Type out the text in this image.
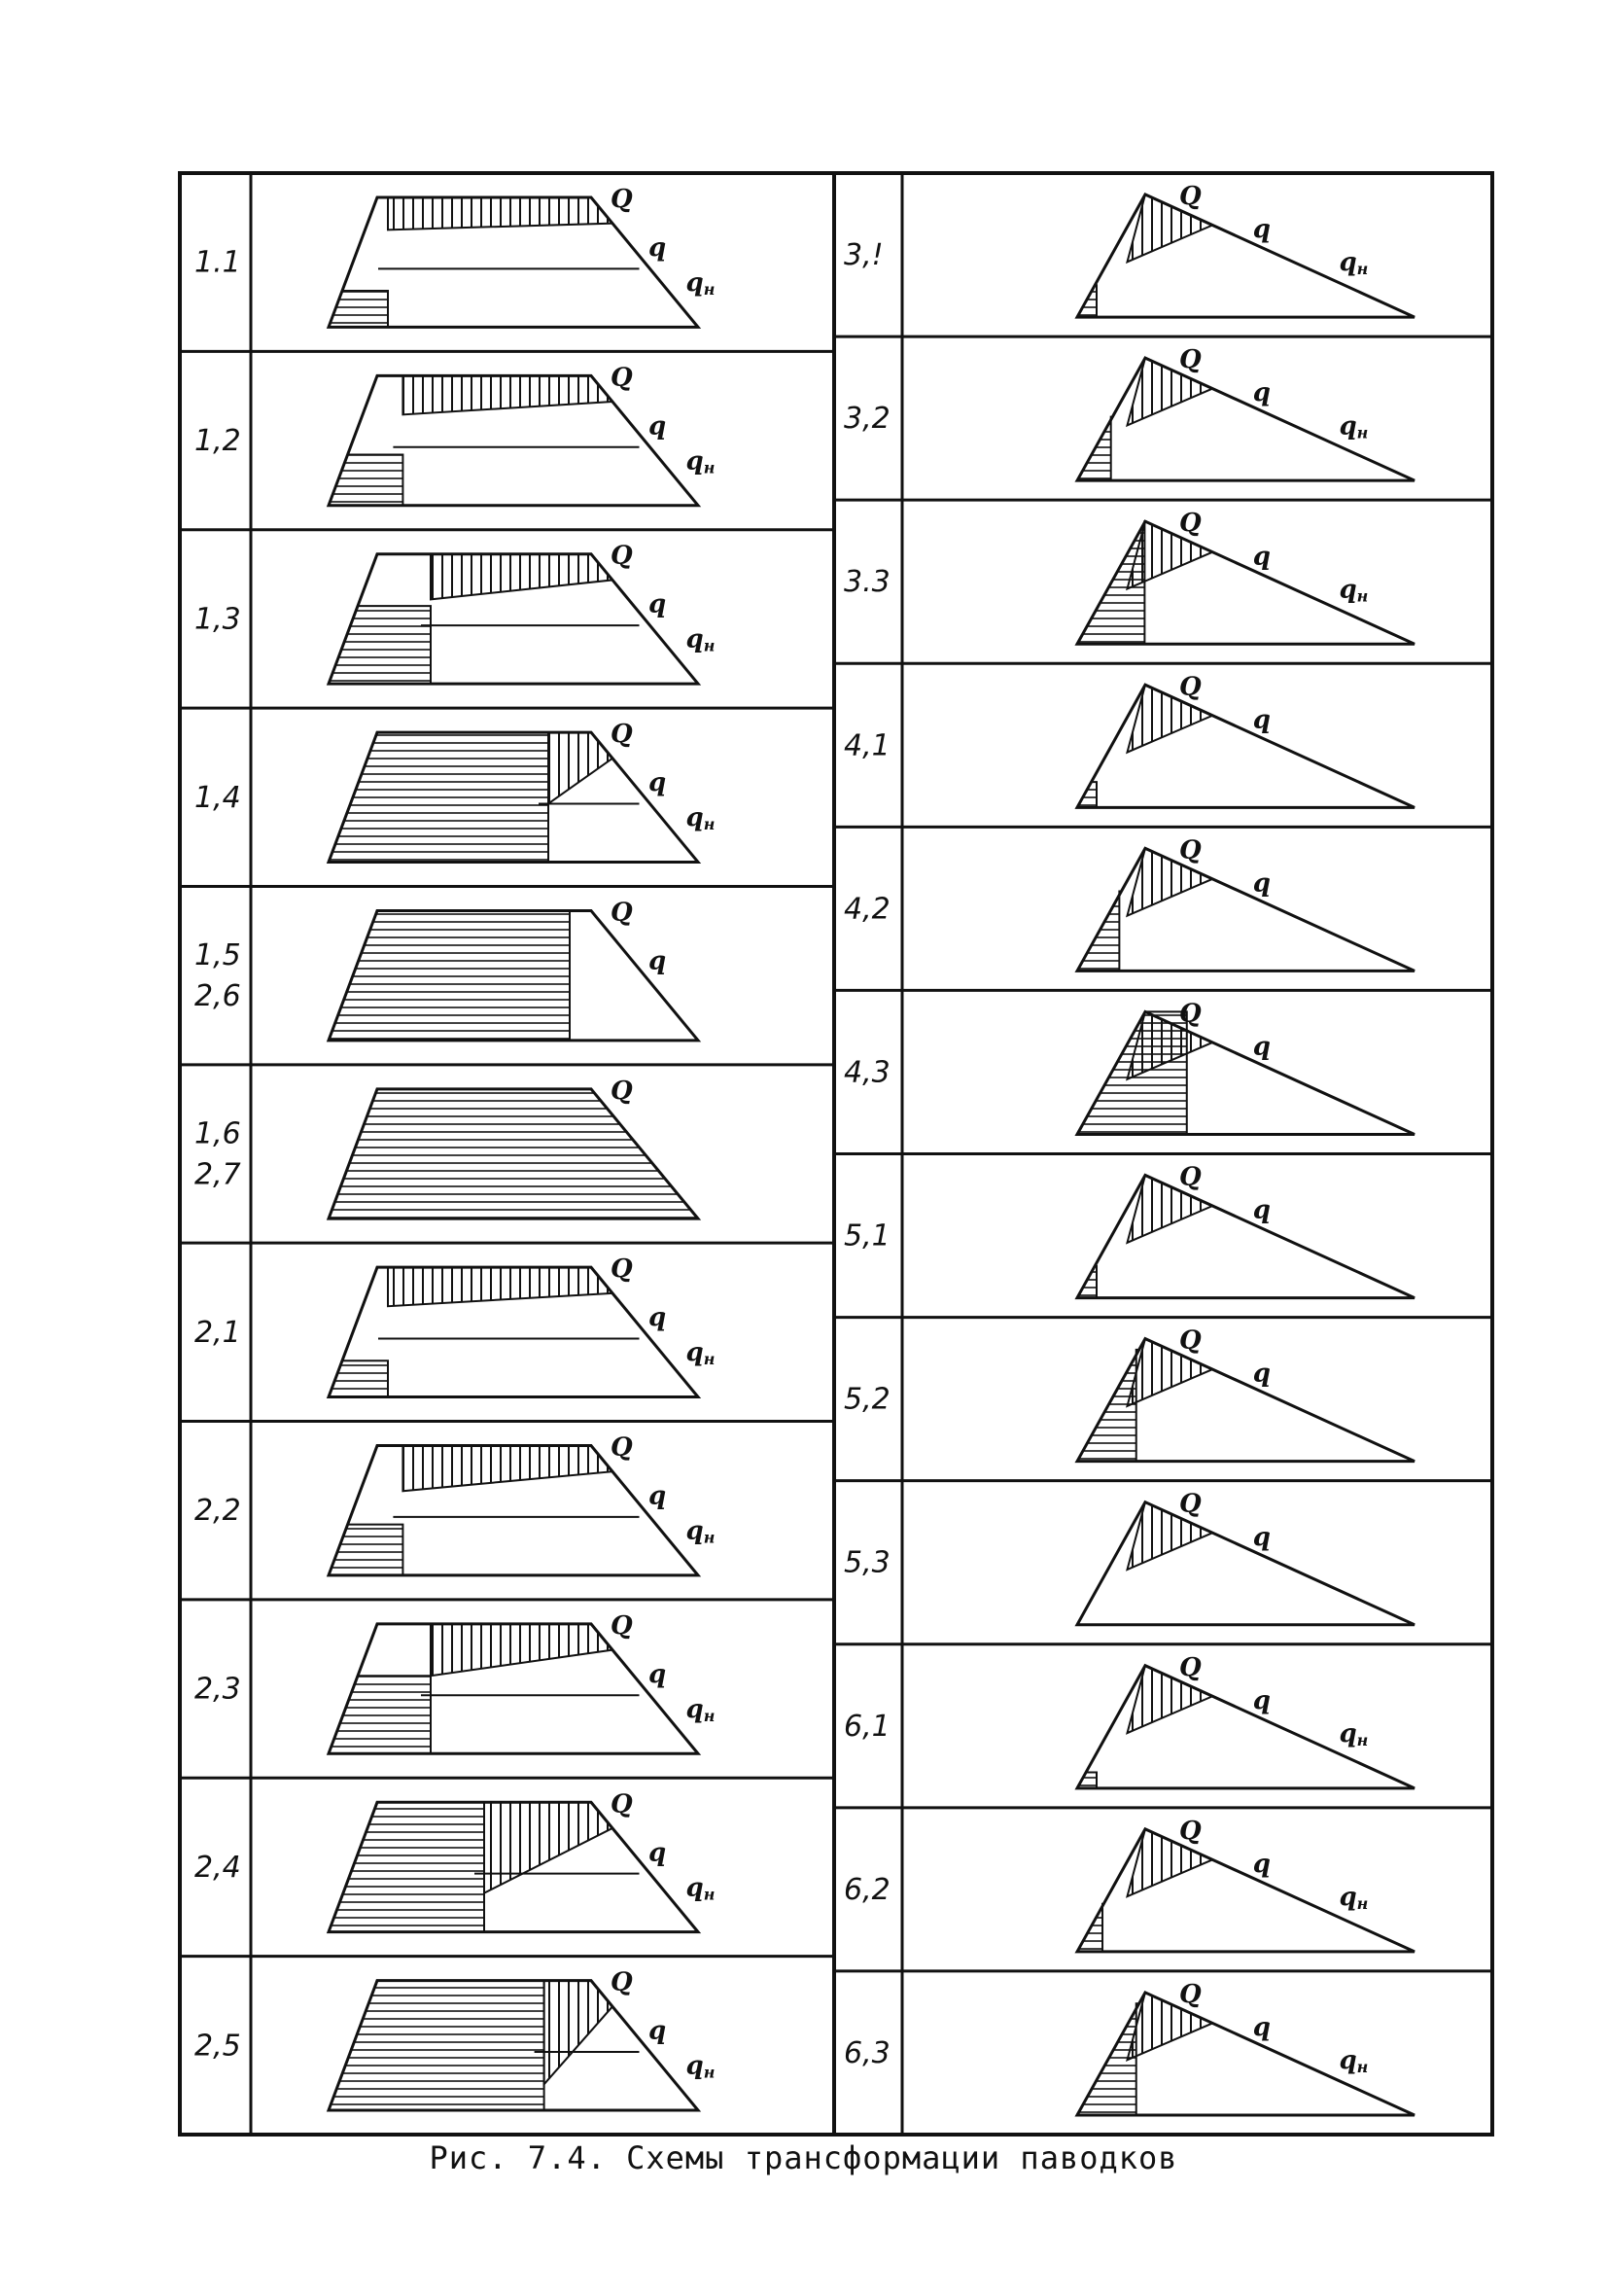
1.1
Q
q
qн
1,2
Q
q
qн
1,3
Q
q
qн
1,4
Q
q
qн
1,5
2,6
Q
q
1,6
2,7
Q
2,1
Q
q
qн
2,2
Q
q
qн
2,3
Q
q
qн
2,4
Q
q
qн
2,5
Q
q
qн
3,!
Q
q
qн
3,2
Q
q
qн
3.3
Q
q
qн
4,1
Q
q
4,2
Q
q
4,3
Q
q
5,1
Q
q
5,2
Q
q
5,3
Q
q
6,1
Q
q
qн
6,2
Q
q
qн
6,3
Q
q
qн
Рис. 7.4. Схемы трансформации паводков
